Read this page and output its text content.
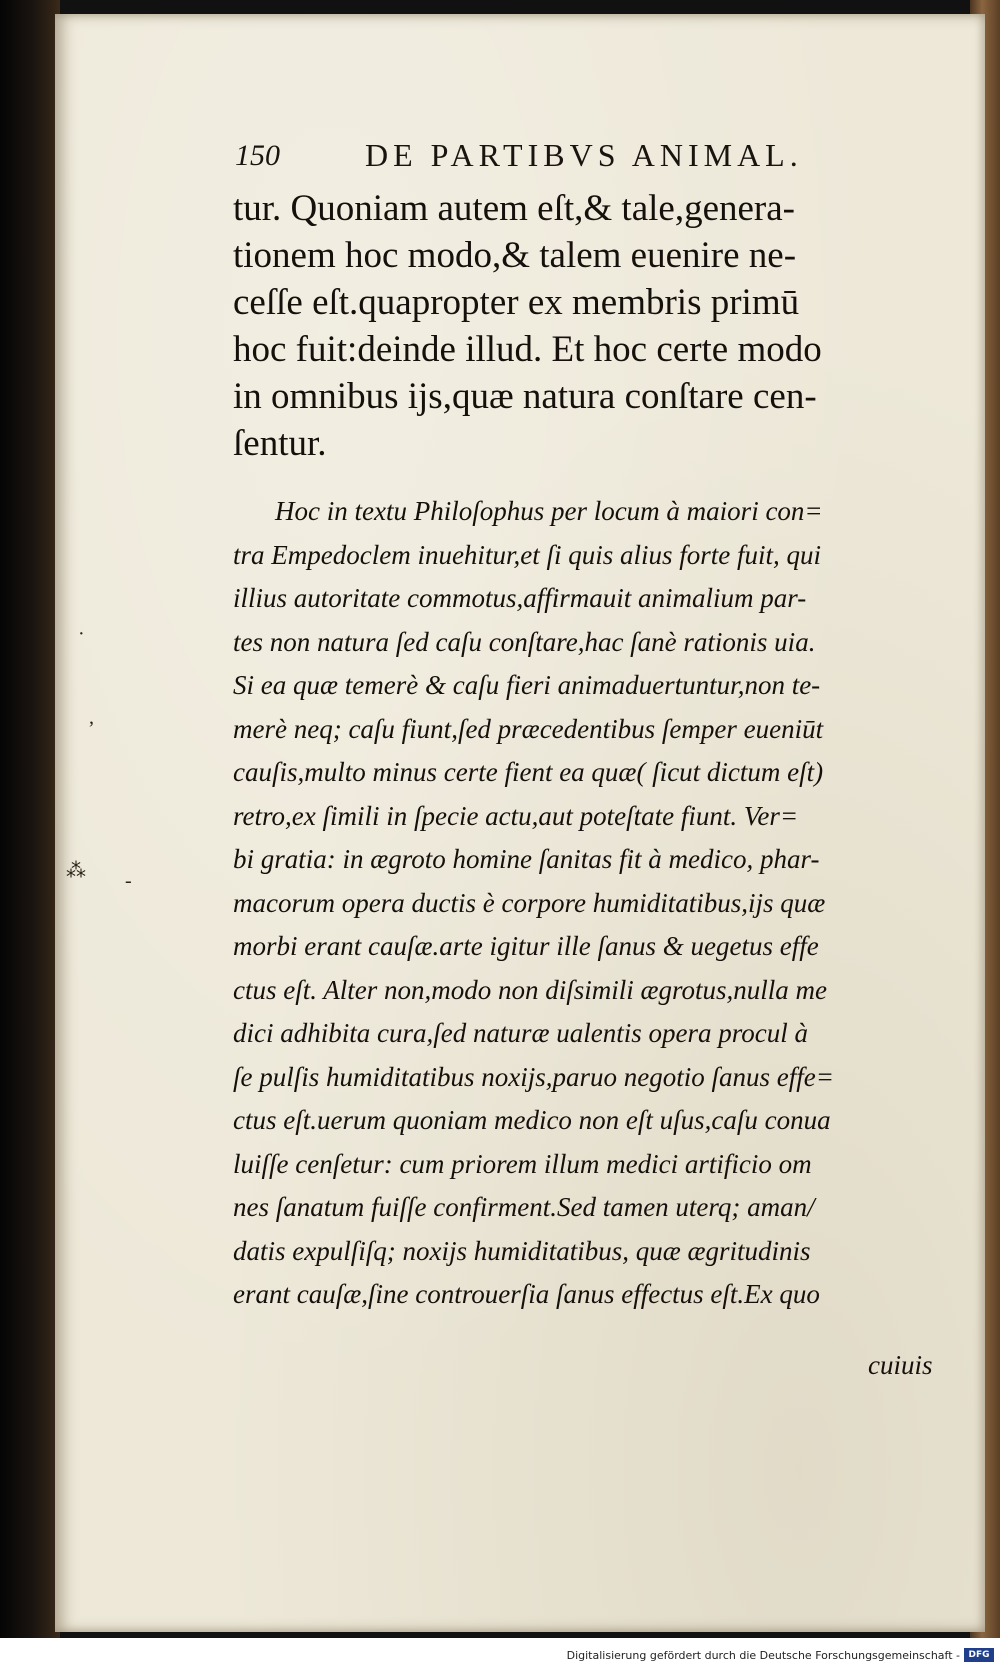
·
ʼ
⁂ -
150	DE PARTIBVS ANIMAL.
tur. Quoniam autem eſt,& tale,genera-
tionem hoc modo,& talem euenire ne-
ceſſe eſt.quapropter ex membris primū
hoc fuit:deinde illud. Et hoc certe modo
in omnibus ijs,quæ natura conſtare cen-
ſentur.
Hoc in textu Philoſophus per locum à maiori con=
tra Empedoclem inuehitur,et ſi quis alius forte fuit, qui
illius autoritate commotus,affirmauit animalium par-
tes non natura ſed caſu conſtare,hac ſanè rationis uia.
Si ea quæ temerè & caſu fieri animaduertuntur,non te-
merè neq; caſu fiunt,ſed præcedentibus ſemper eueniūt
cauſis,multo minus certe fient ea quæ( ſicut dictum eſt)
retro,ex ſimili in ſpecie actu,aut poteſtate fiunt. Ver=
bi gratia: in ægroto homine ſanitas fit à medico, phar-
macorum opera ductis è corpore humiditatibus,ijs quæ
morbi erant cauſæ.arte igitur ille ſanus & uegetus effe
ctus eſt. Alter non,modo non diſsimili ægrotus,nulla me
dici adhibita cura,ſed naturæ ualentis opera procul à
ſe pulſis humiditatibus noxijs,paruo negotio ſanus effe=
ctus eſt.uerum quoniam medico non eſt uſus,caſu conua
luiſſe cenſetur: cum priorem illum medici artificio om
nes ſanatum fuiſſe confirment.Sed tamen uterq; aman/
datis expulſiſq; noxijs humiditatibus, quæ ægritudinis
erant cauſæ,ſine controuerſia ſanus effectus eſt.Ex quo
cuiuis
Digitalisierung gefördert durch die Deutsche Forschungsgemeinschaft - DFG
